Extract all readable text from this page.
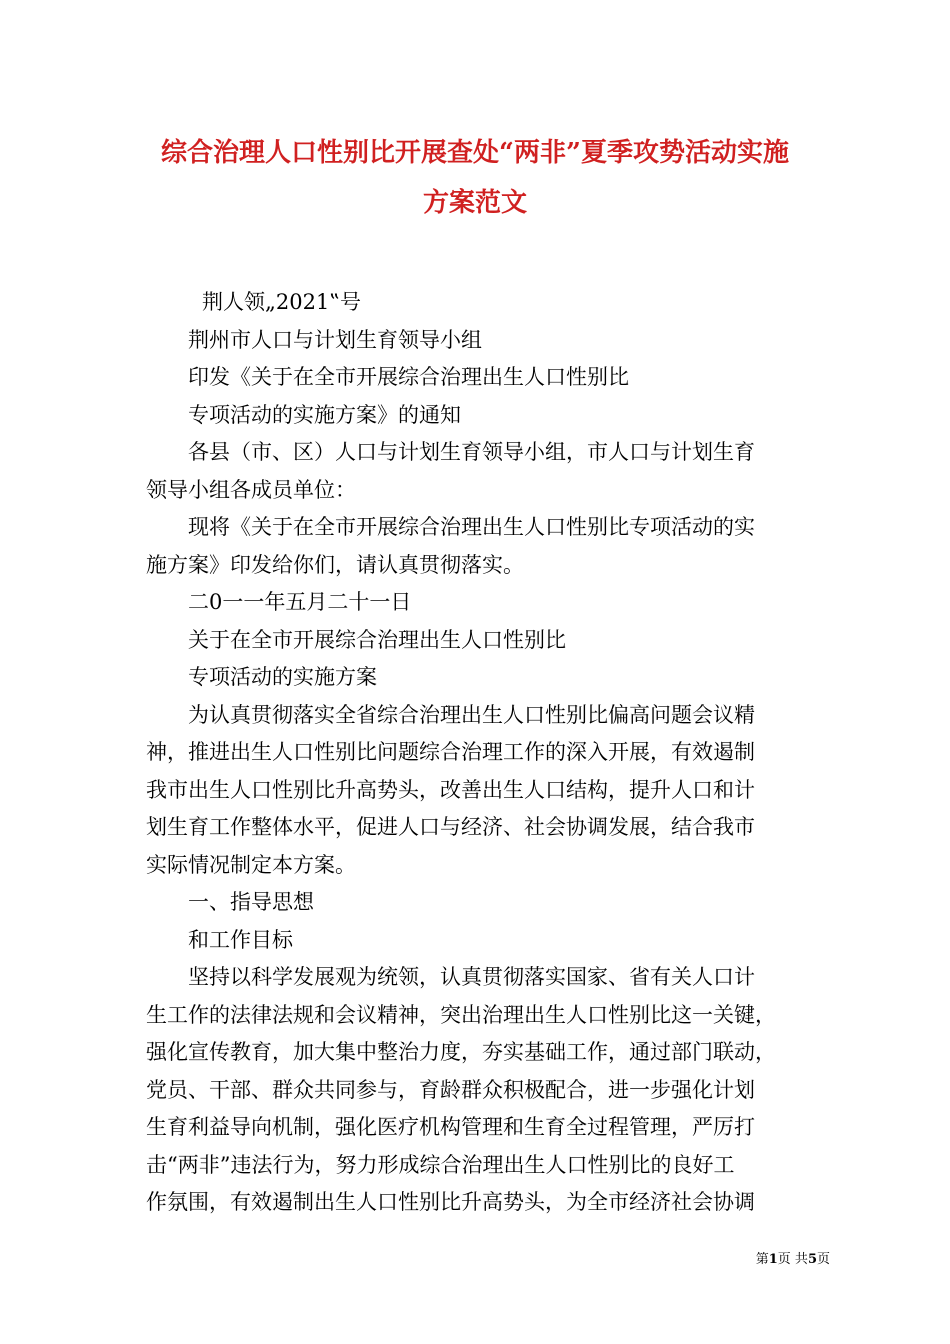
综合治理人口性别比开展查处“两非”夏季攻势活动实施
方案范文

荆人领„2021‟号

荆州市人口与计划生育领导小组

印发《关于在全市开展综合治理出生人口性别比

专项活动的实施方案》的通知

各县（市、区）人口与计划生育领导小组，市人口与计划生育

领导小组各成员单位：

现将《关于在全市开展综合治理出生人口性别比专项活动的实

施方案》印发给你们，请认真贯彻落实。

二0一一年五月二十一日

关于在全市开展综合治理出生人口性别比

专项活动的实施方案

为认真贯彻落实全省综合治理出生人口性别比偏高问题会议精

神，推进出生人口性别比问题综合治理工作的深入开展，有效遏制

我市出生人口性别比升高势头，改善出生人口结构，提升人口和计

划生育工作整体水平，促进人口与经济、社会协调发展，结合我市

实际情况制定本方案。

一、指导思想

和工作目标

坚持以科学发展观为统领，认真贯彻落实国家、省有关人口计

生工作的法律法规和会议精神，突出治理出生人口性别比这一关键，

强化宣传教育，加大集中整治力度，夯实基础工作，通过部门联动，

党员、干部、群众共同参与，育龄群众积极配合，进一步强化计划

生育利益导向机制，强化医疗机构管理和生育全过程管理，严厉打

击“两非”违法行为，努力形成综合治理出生人口性别比的良好工

作氛围，有效遏制出生人口性别比升高势头，为全市经济社会协调

第1页 共5页
